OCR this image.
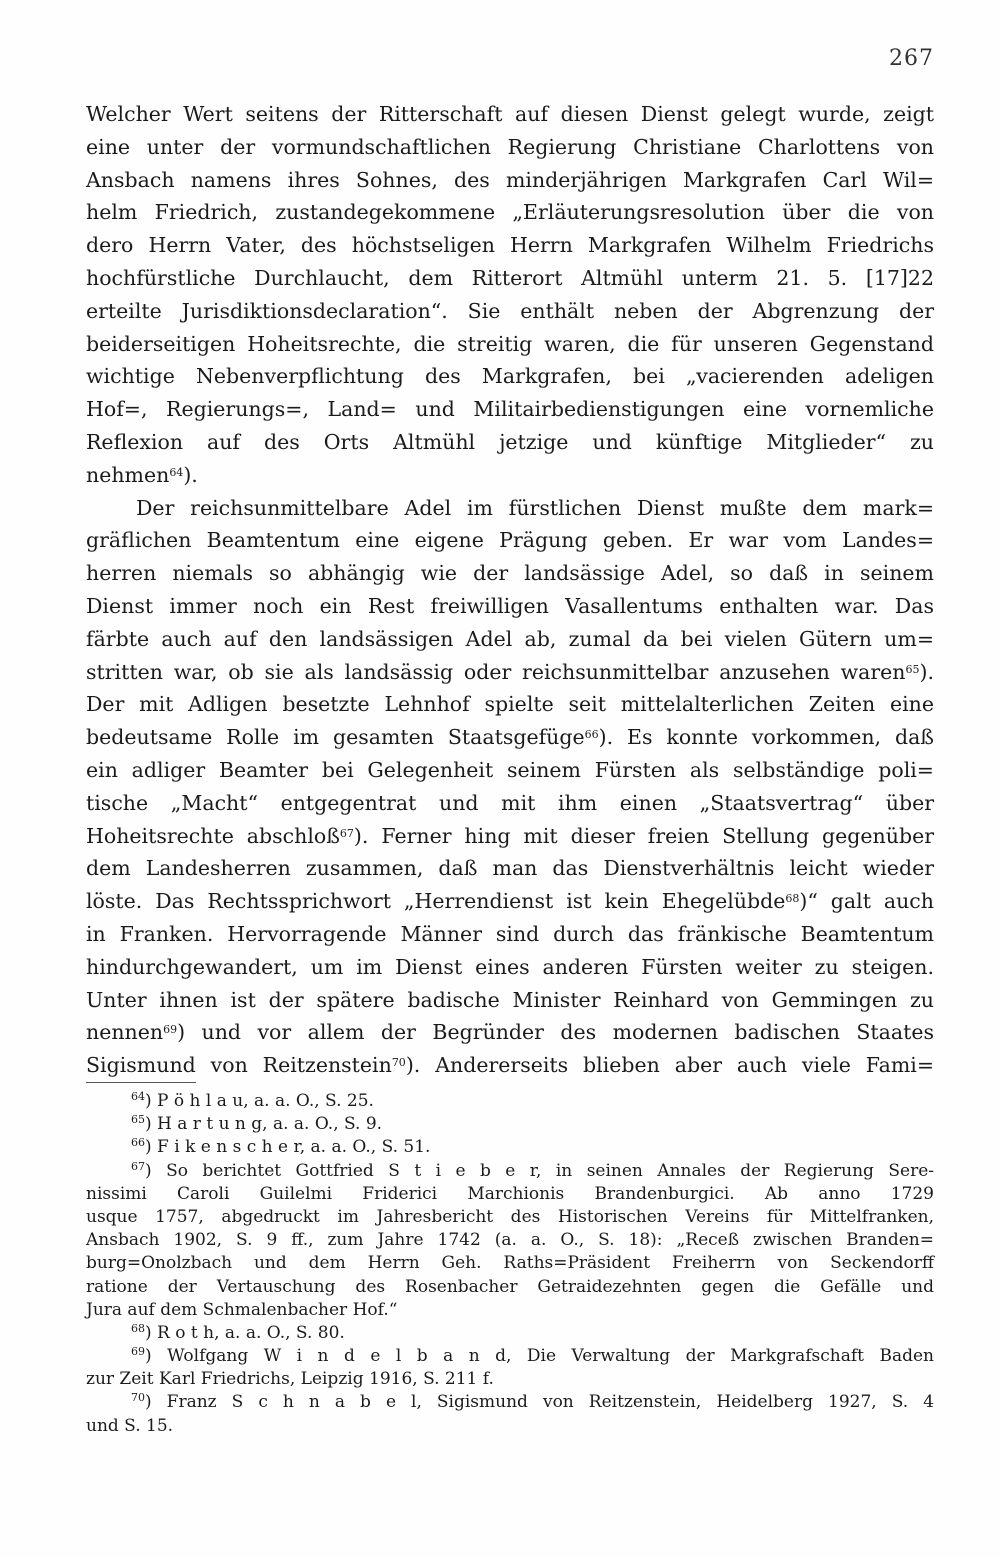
267
Welcher Wert seitens der Ritterschaft auf diesen Dienst gelegt wurde, zeigt
eine unter der vormundschaftlichen Regierung Christiane Charlottens von
Ansbach namens ihres Sohnes, des minderjährigen Markgrafen Carl Wil=
helm Friedrich, zustandegekommene „Erläuterungsresolution über die von
dero Herrn Vater, des höchstseligen Herrn Markgrafen Wilhelm Friedrichs
hochfürstliche Durchlaucht, dem Ritterort Altmühl unterm 21. 5. [17]22
erteilte Jurisdiktionsdeclaration“. Sie enthält neben der Abgrenzung der
beiderseitigen Hoheitsrechte, die streitig waren, die für unseren Gegenstand
wichtige Nebenverpflichtung des Markgrafen, bei „vacierenden adeligen
Hof=, Regierungs=, Land= und Militairbedienstigungen eine vornemliche
Reflexion auf des Orts Altmühl jetzige und künftige Mitglieder“ zu
nehmen$^{64}$).
Der reichsunmittelbare Adel im fürstlichen Dienst mußte dem mark=
gräflichen Beamtentum eine eigene Prägung geben. Er war vom Landes=
herren niemals so abhängig wie der landsässige Adel, so daß in seinem
Dienst immer noch ein Rest freiwilligen Vasallentums enthalten war. Das
färbte auch auf den landsässigen Adel ab, zumal da bei vielen Gütern um=
stritten war, ob sie als landsässig oder reichsunmittelbar anzusehen waren$^{65}$).
Der mit Adligen besetzte Lehnhof spielte seit mittelalterlichen Zeiten eine
bedeutsame Rolle im gesamten Staatsgefüge$^{66}$). Es konnte vorkommen, daß
ein adliger Beamter bei Gelegenheit seinem Fürsten als selbständige poli=
tische „Macht“ entgegentrat und mit ihm einen „Staatsvertrag“ über
Hoheitsrechte abschloß$^{67}$). Ferner hing mit dieser freien Stellung gegenüber
dem Landesherren zusammen, daß man das Dienstverhältnis leicht wieder
löste. Das Rechtssprichwort „Herrendienst ist kein Ehegelübde$^{68}$)“ galt auch
in Franken. Hervorragende Männer sind durch das fränkische Beamtentum
hindurchgewandert, um im Dienst eines anderen Fürsten weiter zu steigen.
Unter ihnen ist der spätere badische Minister Reinhard von Gemmingen zu
nennen$^{69}$) und vor allem der Begründer des modernen badischen Staates
Sigismund von Reitzenstein$^{70}$). Andererseits blieben aber auch viele Fami=
$^{64}$) P ö h l a u, a. a. O., S. 25.
$^{65}$) H a r t u n g, a. a. O., S. 9.
$^{66}$) F i k e n s c h e r, a. a. O., S. 51.
$^{67}$) So berichtet Gottfried S t i e b e r, in seinen Annales der Regierung Sere-
nissimi Caroli Guilelmi Friderici Marchionis Brandenburgici. Ab anno 1729
usque 1757, abgedruckt im Jahresbericht des Historischen Vereins für Mittelfranken,
Ansbach 1902, S. 9 ff., zum Jahre 1742 (a. a. O., S. 18): „Receß zwischen Branden=
burg=Onolzbach und dem Herrn Geh. Raths=Präsident Freiherrn von Seckendorff
ratione der Vertauschung des Rosenbacher Getraidezehnten gegen die Gefälle und
Jura auf dem Schmalenbacher Hof.“
$^{68}$) R o t h, a. a. O., S. 80.
$^{69}$) Wolfgang W i n d e l b a n d, Die Verwaltung der Markgrafschaft Baden
zur Zeit Karl Friedrichs, Leipzig 1916, S. 211 f.
$^{70}$) Franz S c h n a b e l, Sigismund von Reitzenstein, Heidelberg 1927, S. 4
und S. 15.
